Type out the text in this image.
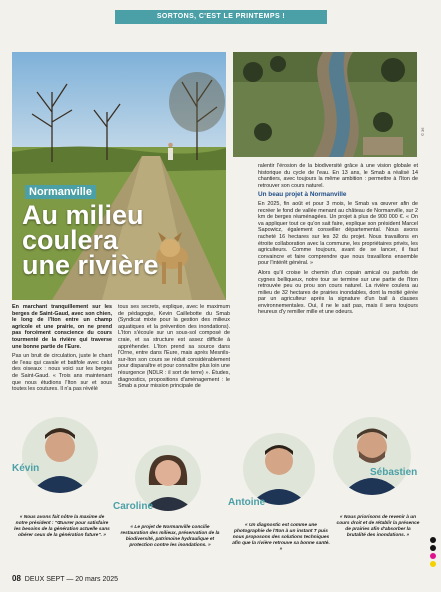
SORTONS, C'EST LE PRINTEMPS !
© 36
Normanville
Au milieu coulera une rivière

En marchant tranquillement sur les berges de Saint-Gaud, avec son chien, le long de l'Iton entre un champ agricole et une prairie, on ne prend pas forcément conscience du cours tourmenté de la rivière qui traverse une bonne partie de l'Eure.

Pas un bruit de circulation, juste le chant de l'eau qui cavale et batifole avec celui des oiseaux : nous voici sur les berges de Saint-Gaud. « Trois ans maintenant que nous étudions l'Iton sur et sous toutes les coutures. Il n'a pas révélé

tous ses secrets, explique, avec le maximum de pédagogie, Kevin Caillebotte du Smab (Syndicat mixte pour la gestion des milieux aquatiques et la prévention des inondations). L'Iton s'écoule sur un sous-sol composé de craie, et sa structure est assez difficile à appréhender. L'Iton prend sa source dans l'Orne, entre dans l'Eure, mais après Mesnils-sur-Iton son cours se réduit considérablement pour disparaître et pour connaître plus loin une résurgence (NDLR : il sort de terre) ». Études, diagnostics, propositions d'aménagement : le Smab a pour mission principale de

ralentir l'érosion de la biodiversité grâce à une vision globale et historique du cycle de l'eau. En 13 ans, le Smab a réalisé 14 chantiers, avec toujours la même ambition : permettre à l'Iton de retrouver son cours naturel.

Un beau projet à Normanville

En 2025, fin août et pour 3 mois, le Smab va œuvrer afin de recréer le fond de vallée menant au château de Normanville, sur 2 km de berges réaménagées. Un projet à plus de 900 000 €. « On va appliquer tout ce qu'on sait faire, explique son président Marcel Sapowicz, également conseiller départemental. Nous avons racheté 16 hectares sur les 32 du projet. Nous travaillons en étroite collaboration avec la commune, les propriétaires privés, les agriculteurs. Comme toujours, avant de se lancer, il faut convaincre et faire comprendre que nous travaillons ensemble pour l'intérêt général. »

Alors qu'il croise le chemin d'un copain amical ou parfois de cygnes belliqueux, notre tour se termine sur une partie de l'Iton retrouvée peu ou prou son cours naturel. La rivière coulera au milieu de 32 hectares de prairies inondables, dont la moitié gérée par un agriculteur après la signature d'un bail à clauses environnementales. Oui, il ne le sait pas, mais il sera toujours heureux d'y remiller mille et une odeurs.

Kévin
« Nous avons fait nôtre la maxime de notre président : "Œuvrer pour satisfaire les besoins de la génération actuelle sans obérer ceux de la génération future". »
Caroline
« Le projet de Normanville concilie restauration des milieux, préservation de la biodiversité, patrimoine hydraulique et protection contre les inondations. »
Antoine
« Un diagnostic est comme une photographie de l'Iton à un instant T puis nous proposons des solutions techniques afin que la rivière retrouve sa bonne santé. »
Sébastien
« Nous priorisons de revenir à un cours droit et de rétablir la présence de prairies afin d'absorber la brutalité des inondations. »
08 DEUX SEPT — 20 mars 2025
